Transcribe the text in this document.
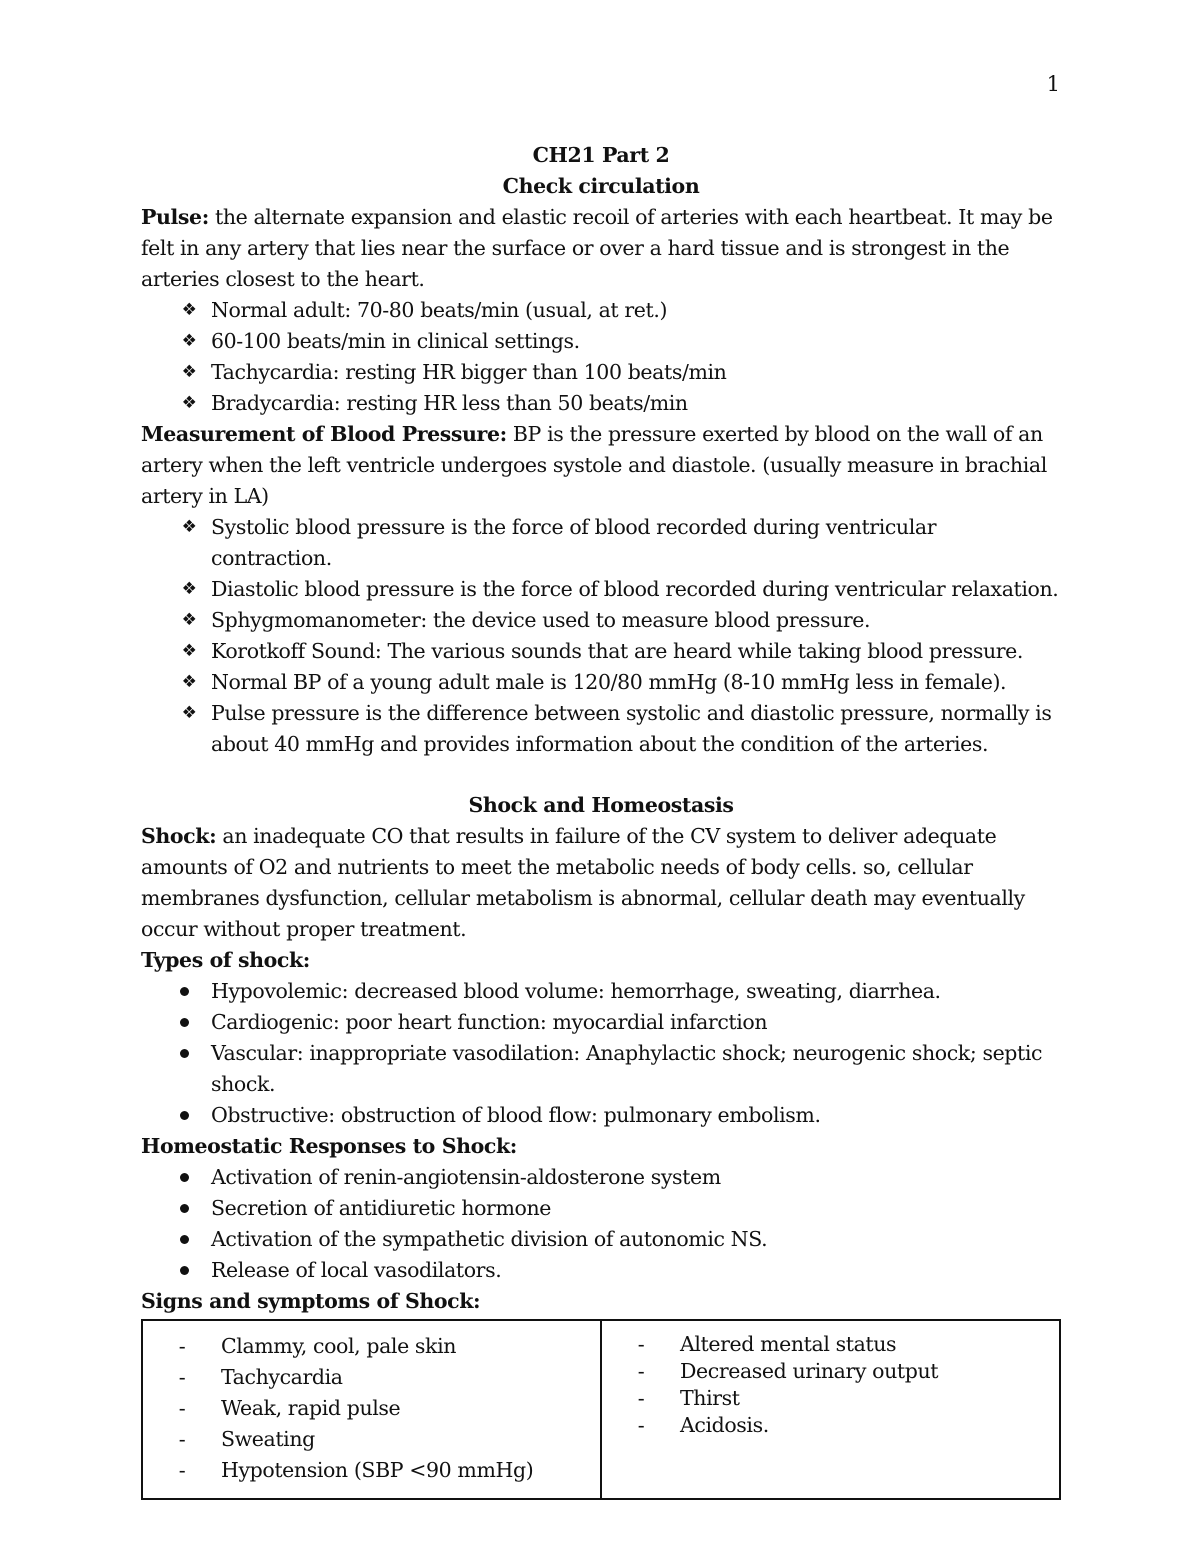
1
CH21 Part 2
Check circulation

Pulse: the alternate expansion and elastic recoil of arteries with each heartbeat. It may be felt in any artery that lies near the surface or over a hard tissue and is strongest in the arteries closest to the heart.

❖ Normal adult: 70-80 beats/min (usual, at ret.)
❖ 60-100 beats/min in clinical settings.
❖ Tachycardia: resting HR bigger than 100 beats/min
❖ Bradycardia: resting HR less than 50 beats/min

Measurement of Blood Pressure: BP is the pressure exerted by blood on the wall of an artery when the left ventricle undergoes systole and diastole. (usually measure in brachial artery in LA)

❖ Systolic blood pressure is the force of blood recorded during ventricular contraction.
❖ Diastolic blood pressure is the force of blood recorded during ventricular relaxation.
❖ Sphygmomanometer: the device used to measure blood pressure.
❖ Korotkoff Sound: The various sounds that are heard while taking blood pressure.
❖ Normal BP of a young adult male is 120/80 mmHg (8-10 mmHg less in female).
❖ Pulse pressure is the difference between systolic and diastolic pressure, normally is about 40 mmHg and provides information about the condition of the arteries.
Shock and Homeostasis

Shock: an inadequate CO that results in failure of the CV system to deliver adequate amounts of O2 and nutrients to meet the metabolic needs of body cells. so, cellular membranes dysfunction, cellular metabolism is abnormal, cellular death may eventually occur without proper treatment.

Types of shock:
Hypovolemic: decreased blood volume: hemorrhage, sweating, diarrhea.
Cardiogenic: poor heart function: myocardial infarction
Vascular: inappropriate vasodilation: Anaphylactic shock; neurogenic shock; septic shock.
Obstructive: obstruction of blood flow: pulmonary embolism.
Homeostatic Responses to Shock:
Activation of renin-angiotensin-aldosterone system
Secretion of antidiuretic hormone
Activation of the sympathetic division of autonomic NS.
Release of local vasodilators.
Signs and symptoms of Shock:
-	Clammy, cool, pale skin
-	Tachycardia
-	Weak, rapid pulse
-	Sweating
-	Hypotension (SBP <90 mmHg)

-	Altered mental status
-	Decreased urinary output
-	Thirst
-	Acidosis.
